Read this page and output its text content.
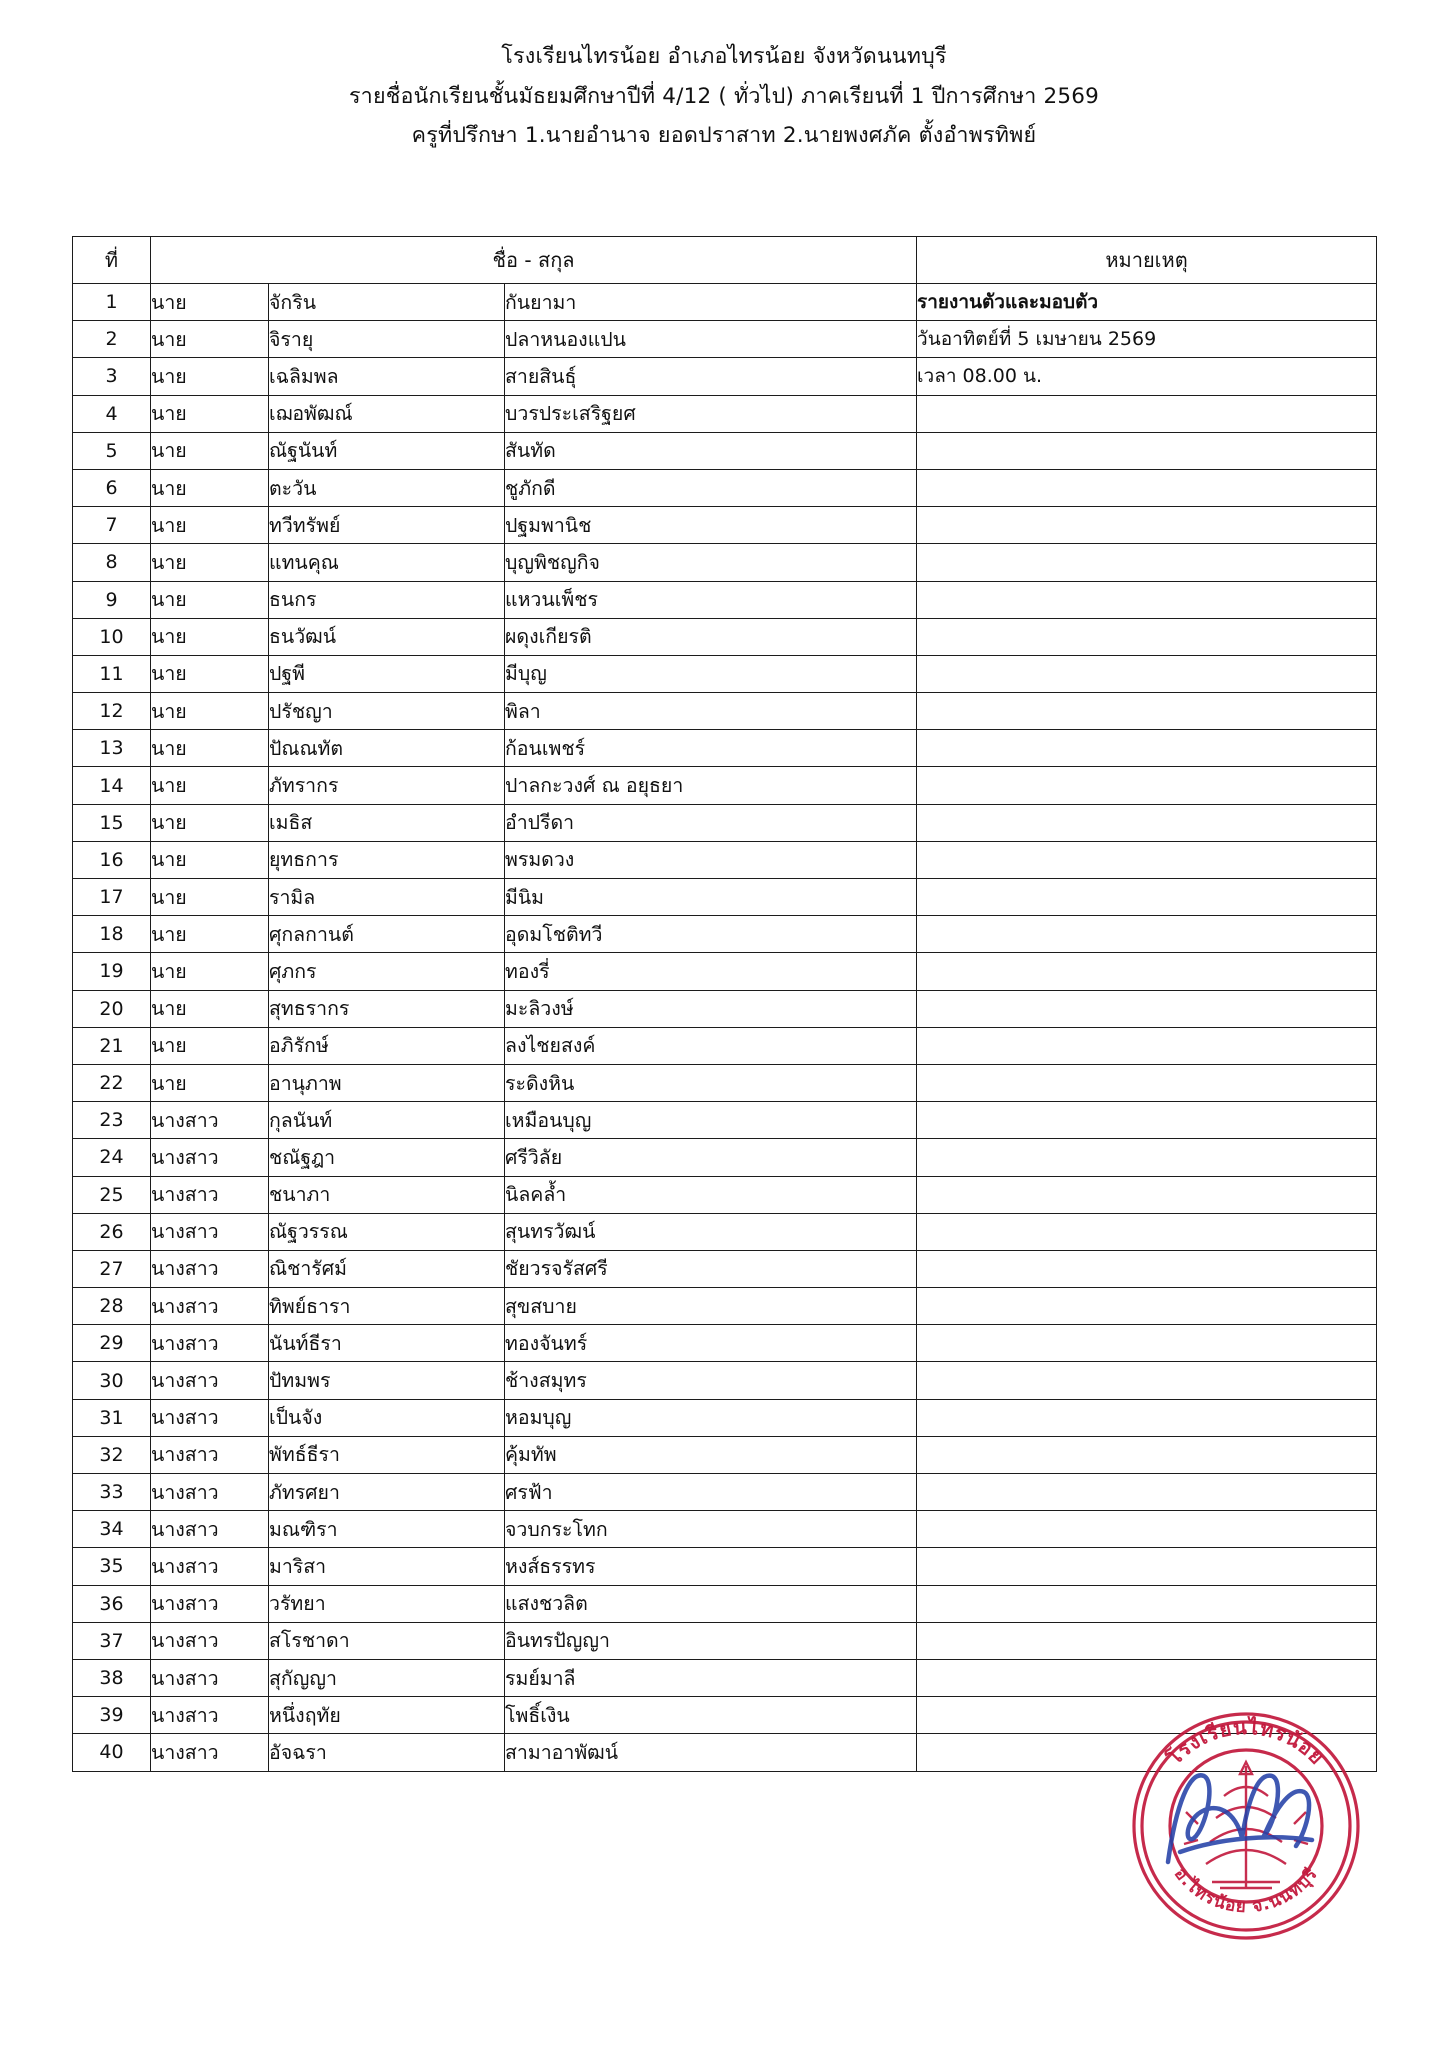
โรงเรียนไทรน้อย อำเภอไทรน้อย จังหวัดนนทบุรี
รายชื่อนักเรียนชั้นมัธยมศึกษาปีที่ 4/12 ( ทั่วไป) ภาคเรียนที่ 1 ปีการศึกษา 2569
ครูที่ปรึกษา 1.นายอำนาจ ยอดปราสาท 2.นายพงศภัค ตั้งอำพรทิพย์
ที่	ชื่อ - สกุล			หมายเหตุ
1	นาย	จักริน	กันยามา	รายงานตัวและมอบตัว
2	นาย	จิรายุ	ปลาหนองแปน	วันอาทิตย์ที่ 5 เมษายน 2569
3	นาย	เฉลิมพล	สายสินธุ์	เวลา 08.00 น.
4	นาย	เฌอพัฒณ์	บวรประเสริฐยศ	
5	นาย	ณัฐนันท์	สันทัด	
6	นาย	ตะวัน	ชูภักดี	
7	นาย	ทวีทรัพย์	ปฐมพานิช	
8	นาย	แทนคุณ	บุญพิชญกิจ	
9	นาย	ธนกร	แหวนเพ็ชร	
10	นาย	ธนวัฒน์	ผดุงเกียรติ	
11	นาย	ปฐพี	มีบุญ	
12	นาย	ปรัชญา	พิลา	
13	นาย	ปัณณทัต	ก้อนเพชร์	
14	นาย	ภัทรากร	ปาลกะวงศ์ ณ อยุธยา	
15	นาย	เมธิส	อำปรีดา	
16	นาย	ยุทธการ	พรมดวง	
17	นาย	รามิล	มีนิม	
18	นาย	ศุกลกานต์	อุดมโชติทวี	
19	นาย	ศุภกร	ทองรี่	
20	นาย	สุทธรากร	มะลิวงษ์	
21	นาย	อภิรักษ์	ลงไชยสงค์	
22	นาย	อานุภาพ	ระดิงหิน	
23	นางสาว	กุลนันท์	เหมือนบุญ	
24	นางสาว	ชณัฐฎา	ศรีวิลัย	
25	นางสาว	ชนาภา	นิลคล้ำ	
26	นางสาว	ณัฐวรรณ	สุนทรวัฒน์	
27	นางสาว	ณิชารัศม์	ชัยวรจรัสศรี	
28	นางสาว	ทิพย์ธารา	สุขสบาย	
29	นางสาว	นันท์ธีรา	ทองจันทร์	
30	นางสาว	ปัทมพร	ช้างสมุทร	
31	นางสาว	เป็นจัง	หอมบุญ	
32	นางสาว	พัทธ์ธีรา	คุ้มทัพ	
33	นางสาว	ภัทรศยา	ศรฟ้า	
34	นางสาว	มณฑิรา	จวบกระโทก	
35	นางสาว	มาริสา	หงส์ธรรทร	
36	นางสาว	วรัทยา	แสงชวลิต	
37	นางสาว	สโรชาดา	อินทรปัญญา	
38	นางสาว	สุกัญญา	รมย์มาลี	
39	นางสาว	หนึ่งฤทัย	โพธิ์เงิน	
40	นางสาว	อัจฉรา	สามาอาพัฒน์		โรงเรียนไทรน้อย
อ.ไทรน้อย จ.นนทบุรี
